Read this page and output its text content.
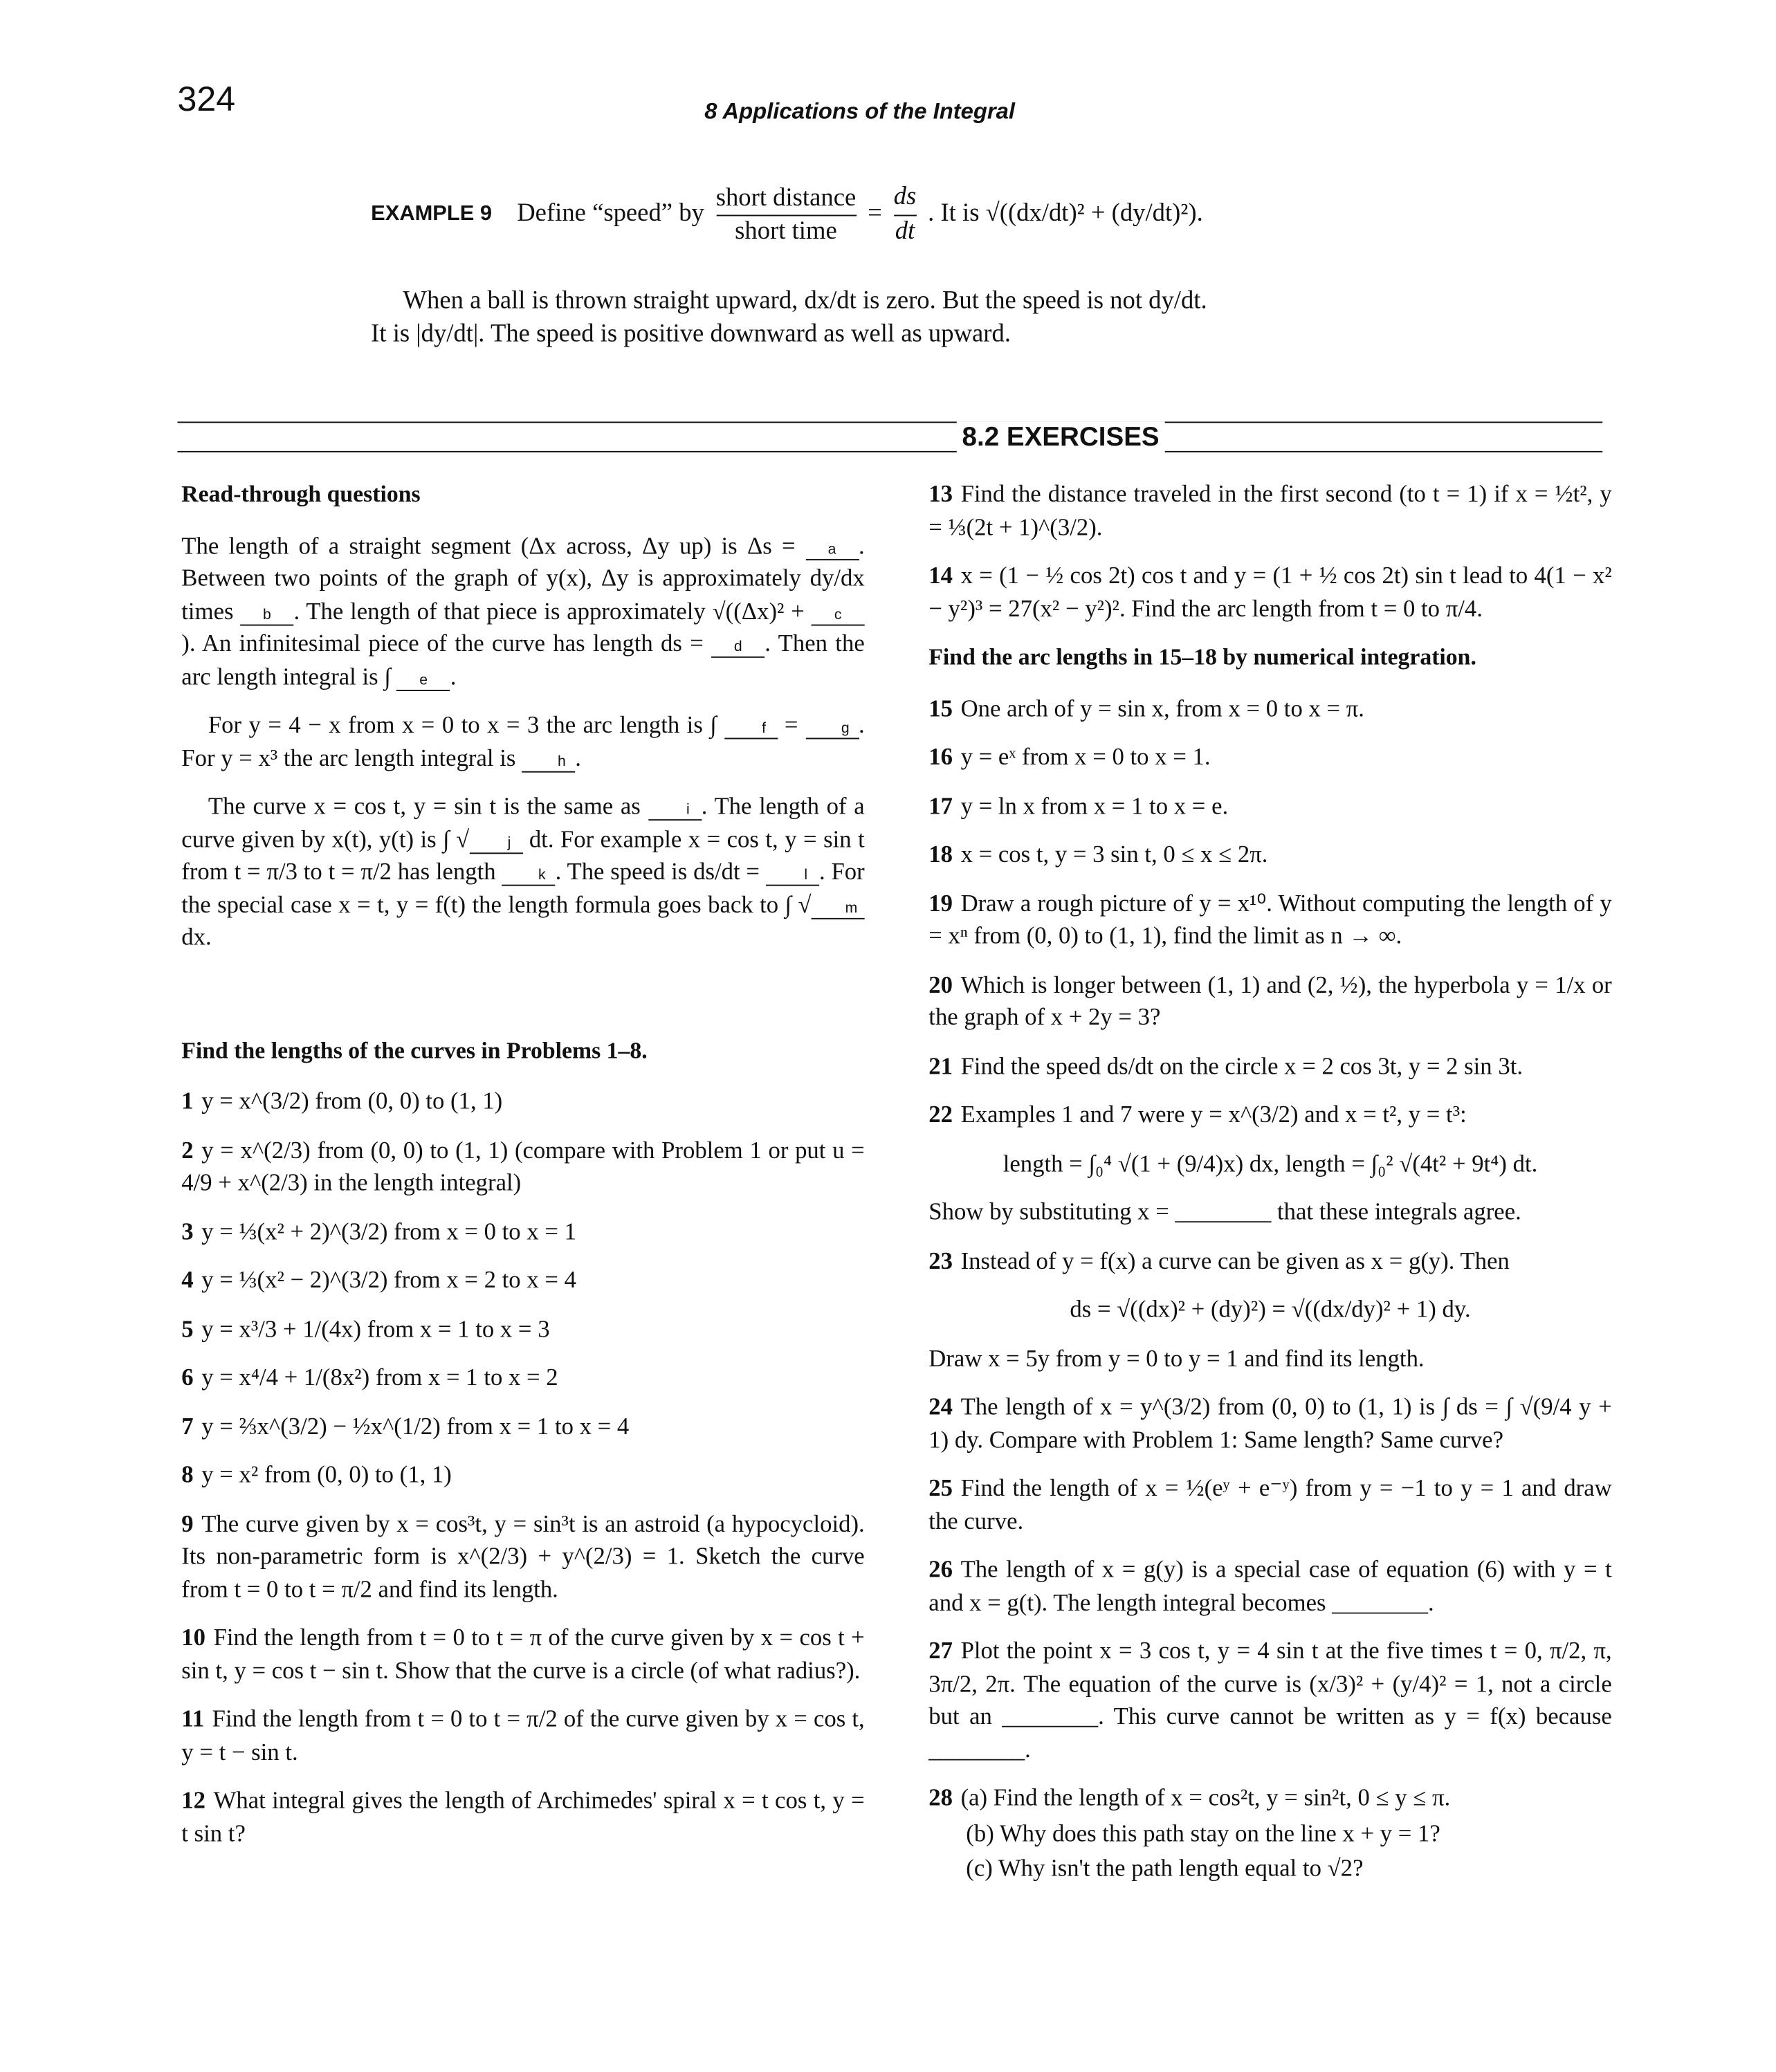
324	8 Applications of the Integral

EXAMPLE 9 Define “speed” by $\frac{\text{short distance}}{\text{short time}} = \frac{ds}{dt}$ . It is √((dx/dt)² + (dy/dt)²).

When a ball is thrown straight upward, dx/dt is zero. But the speed is not dy/dt.

It is |dy/dt|. The speed is positive downward as well as upward.

8.2 EXERCISES

Read-through questions

The length of a straight segment (Δx across, Δy up) is Δs =	a . Between two points of the graph of y(x), Δy is approximately dy/dx times	b . The length of that piece is approximately √((Δx)² +	c). An infinitesimal piece of the curve has length ds =	d . Then the arc length integral is ∫	e .

For y = 4 − x from x = 0 to x = 3 the arc length is ∫	f =	g . For y = x³ the arc length integral is	h .

The curve x = cos t, y = sin t is the same as	i . The length of a curve given by x(t), y(t) is ∫ √	j dt. For example x = cos t, y = sin t from t = π/3 to t = π/2 has length	k . The speed is ds/dt =	l . For the special case x = t, y = f(t) the length formula goes back to ∫ √	m dx.

Find the lengths of the curves in Problems 1–8.

1 y = x^(3/2) from (0, 0) to (1, 1)

2 y = x^(2/3) from (0, 0) to (1, 1) (compare with Problem 1 or put u = 4/9 + x^(2/3) in the length integral)

3 y = ⅓(x² + 2)^(3/2) from x = 0 to x = 1

4 y = ⅓(x² − 2)^(3/2) from x = 2 to x = 4

5 y = x³/3 + 1/(4x) from x = 1 to x = 3

6 y = x⁴/4 + 1/(8x²) from x = 1 to x = 2

7 y = ⅔x^(3/2) − ½x^(1/2) from x = 1 to x = 4

8 y = x² from (0, 0) to (1, 1)

9 The curve given by x = cos³t, y = sin³t is an astroid (a hypocycloid). Its non-parametric form is x^(2/3) + y^(2/3) = 1. Sketch the curve from t = 0 to t = π/2 and find its length.

10 Find the length from t = 0 to t = π of the curve given by x = cos t + sin t, y = cos t − sin t. Show that the curve is a circle (of what radius?).

11 Find the length from t = 0 to t = π/2 of the curve given by x = cos t, y = t − sin t.

12 What integral gives the length of Archimedes' spiral x = t cos t, y = t sin t?

13 Find the distance traveled in the first second (to t = 1) if x = ½t², y = ⅓(2t + 1)^(3/2).

14 x = (1 − ½ cos 2t) cos t and y = (1 + ½ cos 2t) sin t lead to 4(1 − x² − y²)³ = 27(x² − y²)². Find the arc length from t = 0 to π/4.

Find the arc lengths in 15–18 by numerical integration.

15 One arch of y = sin x, from x = 0 to x = π.

16 y = eˣ from x = 0 to x = 1.

17 y = ln x from x = 1 to x = e.

18 x = cos t, y = 3 sin t, 0 ≤ x ≤ 2π.

19 Draw a rough picture of y = x¹⁰. Without computing the length of y = xⁿ from (0, 0) to (1, 1), find the limit as n → ∞.

20 Which is longer between (1, 1) and (2, ½), the hyperbola y = 1/x or the graph of x + 2y = 3?

21 Find the speed ds/dt on the circle x = 2 cos 3t, y = 2 sin 3t.

22 Examples 1 and 7 were y = x^(3/2) and x = t², y = t³:

length = ∫₀⁴ √(1 + (9/4)x) dx, length = ∫₀² √(4t² + 9t⁴) dt.

Show by substituting x = ________ that these integrals agree.

23 Instead of y = f(x) a curve can be given as x = g(y). Then

ds = √((dx)² + (dy)²) = √((dx/dy)² + 1) dy.

Draw x = 5y from y = 0 to y = 1 and find its length.

24 The length of x = y^(3/2) from (0, 0) to (1, 1) is ∫ ds = ∫ √(9/4 y + 1) dy. Compare with Problem 1: Same length? Same curve?

25 Find the length of x = ½(eʸ + e⁻ʸ) from y = −1 to y = 1 and draw the curve.

26 The length of x = g(y) is a special case of equation (6) with y = t and x = g(t). The length integral becomes ________.

27 Plot the point x = 3 cos t, y = 4 sin t at the five times t = 0, π/2, π, 3π/2, 2π. The equation of the curve is (x/3)² + (y/4)² = 1, not a circle but an ________. This curve cannot be written as y = f(x) because ________.

28 (a) Find the length of x = cos²t, y = sin²t, 0 ≤ y ≤ π.

(b) Why does this path stay on the line x + y = 1?

(c) Why isn't the path length equal to √2?
